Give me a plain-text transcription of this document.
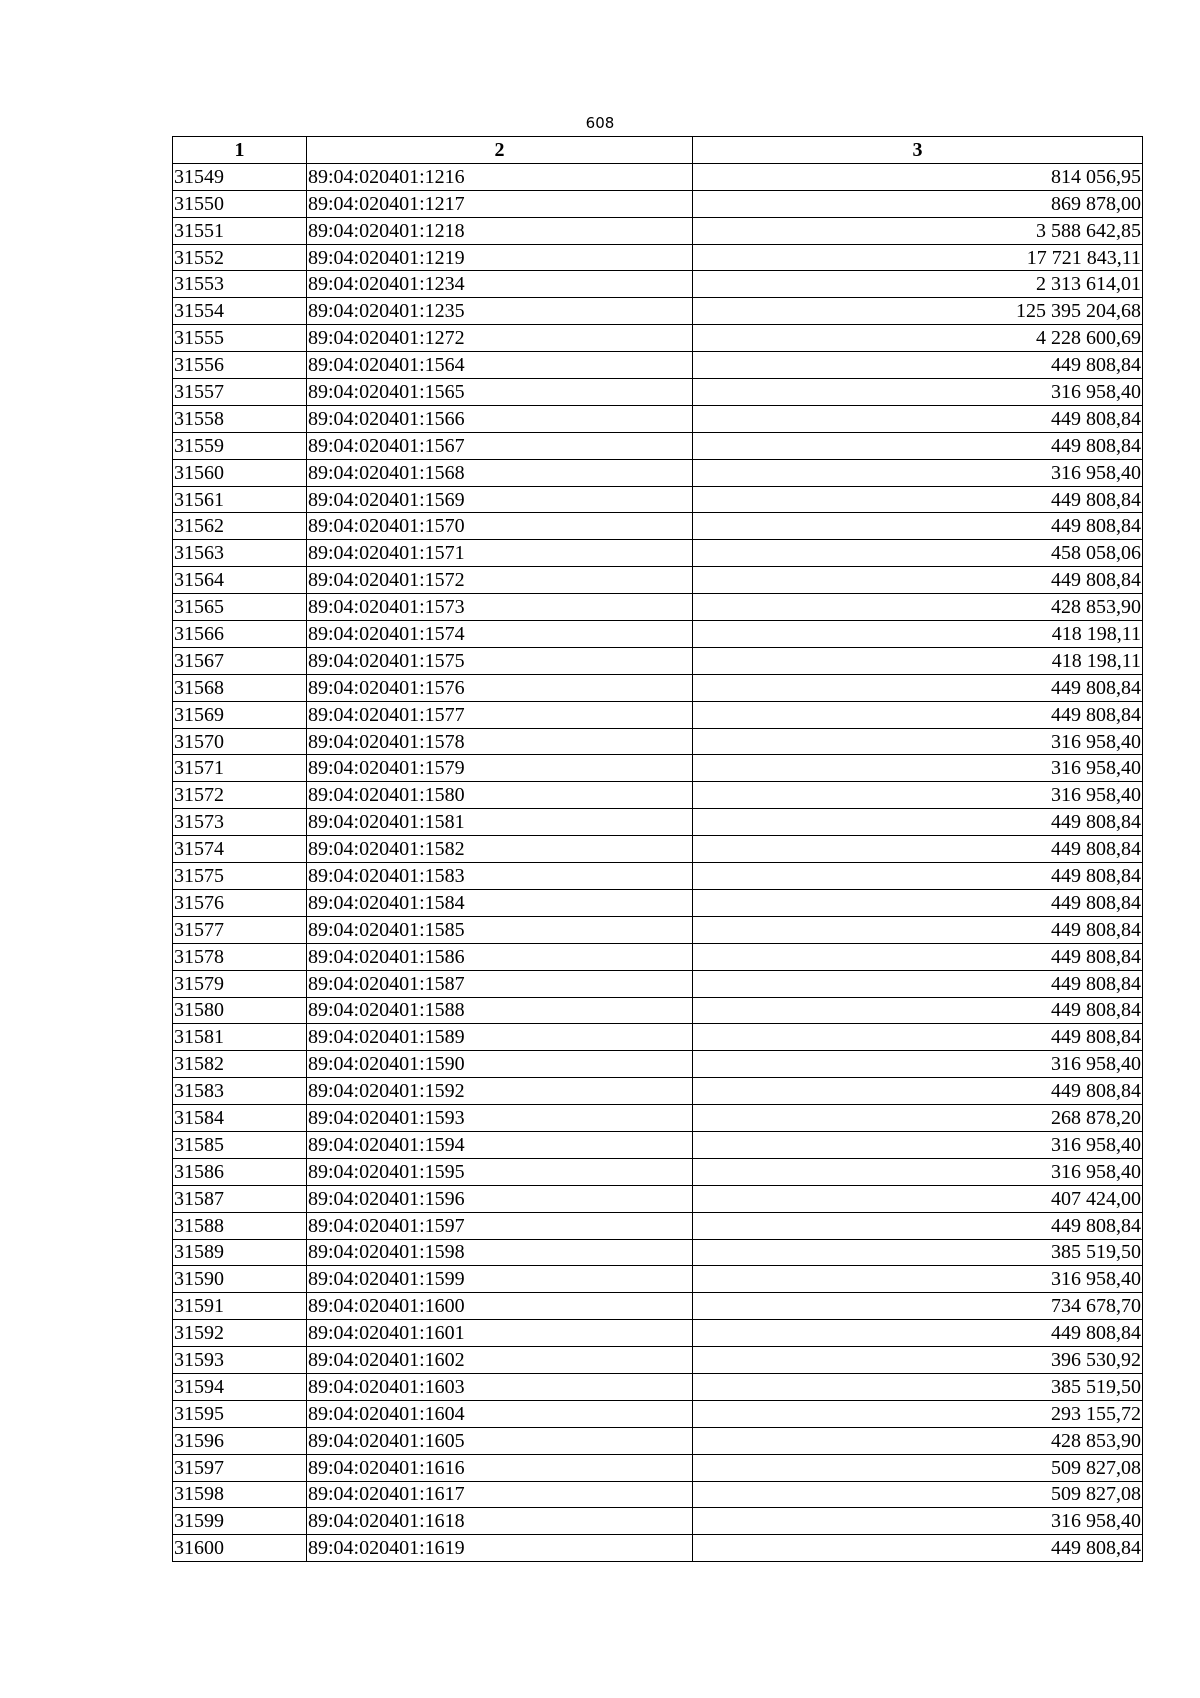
608
1	2	3
31549	89:04:020401:1216	814 056,95
31550	89:04:020401:1217	869 878,00
31551	89:04:020401:1218	3 588 642,85
31552	89:04:020401:1219	17 721 843,11
31553	89:04:020401:1234	2 313 614,01
31554	89:04:020401:1235	125 395 204,68
31555	89:04:020401:1272	4 228 600,69
31556	89:04:020401:1564	449 808,84
31557	89:04:020401:1565	316 958,40
31558	89:04:020401:1566	449 808,84
31559	89:04:020401:1567	449 808,84
31560	89:04:020401:1568	316 958,40
31561	89:04:020401:1569	449 808,84
31562	89:04:020401:1570	449 808,84
31563	89:04:020401:1571	458 058,06
31564	89:04:020401:1572	449 808,84
31565	89:04:020401:1573	428 853,90
31566	89:04:020401:1574	418 198,11
31567	89:04:020401:1575	418 198,11
31568	89:04:020401:1576	449 808,84
31569	89:04:020401:1577	449 808,84
31570	89:04:020401:1578	316 958,40
31571	89:04:020401:1579	316 958,40
31572	89:04:020401:1580	316 958,40
31573	89:04:020401:1581	449 808,84
31574	89:04:020401:1582	449 808,84
31575	89:04:020401:1583	449 808,84
31576	89:04:020401:1584	449 808,84
31577	89:04:020401:1585	449 808,84
31578	89:04:020401:1586	449 808,84
31579	89:04:020401:1587	449 808,84
31580	89:04:020401:1588	449 808,84
31581	89:04:020401:1589	449 808,84
31582	89:04:020401:1590	316 958,40
31583	89:04:020401:1592	449 808,84
31584	89:04:020401:1593	268 878,20
31585	89:04:020401:1594	316 958,40
31586	89:04:020401:1595	316 958,40
31587	89:04:020401:1596	407 424,00
31588	89:04:020401:1597	449 808,84
31589	89:04:020401:1598	385 519,50
31590	89:04:020401:1599	316 958,40
31591	89:04:020401:1600	734 678,70
31592	89:04:020401:1601	449 808,84
31593	89:04:020401:1602	396 530,92
31594	89:04:020401:1603	385 519,50
31595	89:04:020401:1604	293 155,72
31596	89:04:020401:1605	428 853,90
31597	89:04:020401:1616	509 827,08
31598	89:04:020401:1617	509 827,08
31599	89:04:020401:1618	316 958,40
31600	89:04:020401:1619	449 808,84
